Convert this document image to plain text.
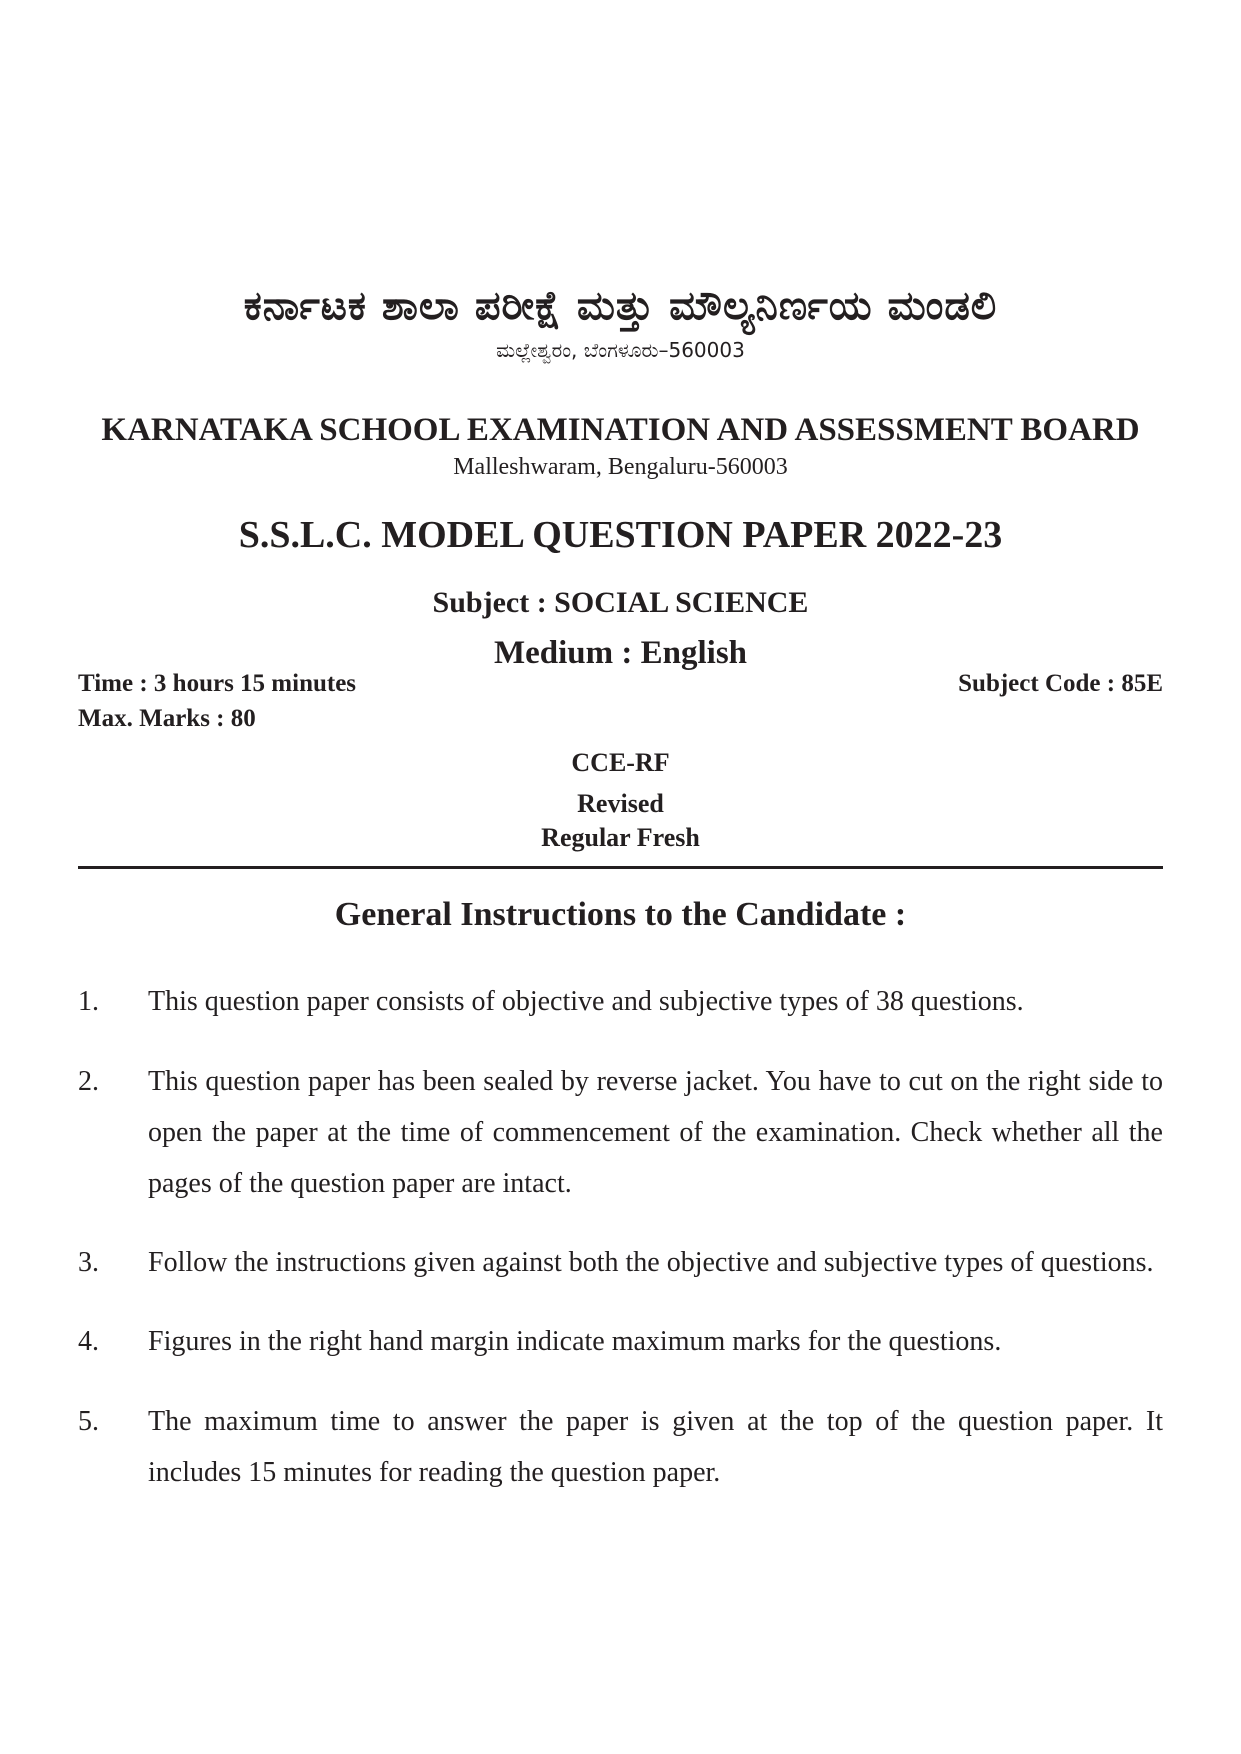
ಕರ್ನಾಟಕ ಶಾಲಾ ಪರೀಕ್ಷೆ ಮತ್ತು ಮೌಲ್ಯನಿರ್ಣಯ ಮಂಡಲಿ
ಮಲ್ಲೇಶ್ವರಂ, ಬೆಂಗಳೂರು–560003
KARNATAKA SCHOOL EXAMINATION AND ASSESSMENT BOARD
Malleshwaram, Bengaluru-560003
S.S.L.C. MODEL QUESTION PAPER 2022-23
Subject : SOCIAL SCIENCE
Medium : English
Time : 3 hours 15 minutes
Max. Marks : 80
Subject Code : 85E
CCE-RF
Revised
Regular Fresh
General Instructions to the Candidate :
1. This question paper consists of objective and subjective types of 38 questions.
2. This question paper has been sealed by reverse jacket. You have to cut on the right side to open the paper at the time of commencement of the examination. Check whether all the pages of the question paper are intact.
3. Follow the instructions given against both the objective and subjective types of questions.
4. Figures in the right hand margin indicate maximum marks for the questions.
5. The maximum time to answer the paper is given at the top of the question paper. It includes 15 minutes for reading the question paper.
